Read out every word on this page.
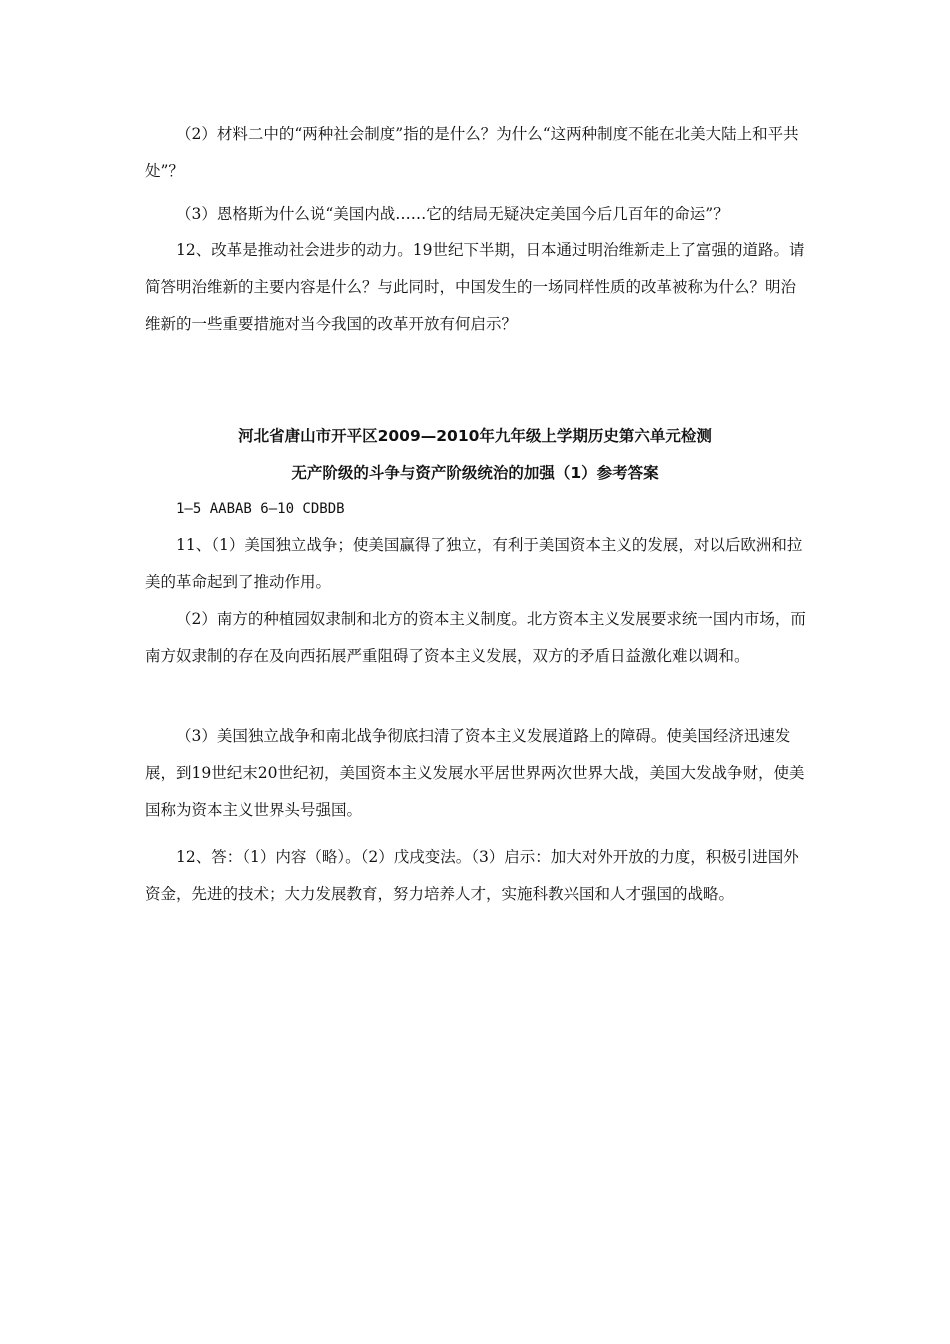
（2）材料二中的“两种社会制度”指的是什么？为什么“这两种制度不能在北美大陆上和平共处”？

（3）恩格斯为什么说“美国内战……它的结局无疑决定美国今后几百年的命运”？

12、改革是推动社会进步的动力。19世纪下半期，日本通过明治维新走上了富强的道路。请简答明治维新的主要内容是什么？与此同时，中国发生的一场同样性质的改革被称为什么？明治维新的一些重要措施对当今我国的改革开放有何启示？

河北省唐山市开平区2009—2010年九年级上学期历史第六单元检测

无产阶级的斗争与资产阶级统治的加强（1）参考答案

1—5 AABAB 6—10 CDBDB

11、（1）美国独立战争；使美国赢得了独立，有利于美国资本主义的发展，对以后欧洲和拉美的革命起到了推动作用。

（2）南方的种植园奴隶制和北方的资本主义制度。北方资本主义发展要求统一国内市场，而南方奴隶制的存在及向西拓展严重阻碍了资本主义发展，双方的矛盾日益激化难以调和。

（3）美国独立战争和南北战争彻底扫清了资本主义发展道路上的障碍。使美国经济迅速发展，到19世纪末20世纪初，美国资本主义发展水平居世界两次世界大战，美国大发战争财，使美国称为资本主义世界头号强国。

12、答：（1）内容（略）。（2）戊戌变法。（3）启示：加大对外开放的力度，积极引进国外资金，先进的技术；大力发展教育，努力培养人才，实施科教兴国和人才强国的战略。
